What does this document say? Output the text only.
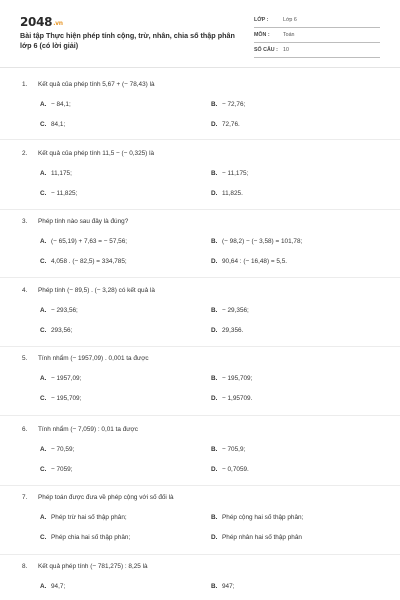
2048.vn
Bài tập Thực hiện phép tính cộng, trừ, nhân, chia số thập phân lớp 6 (có lời giải)
LỚP :	Lớp 6
MÔN :	Toán
SỐ CÂU : 10
1. Kết quả của phép tính 5,67 + (− 78,43) là
A. − 84,1;	B. − 72,76;
C. 84,1;	D. 72,76.
2. Kết quả của phép tính 11,5 − (− 0,325) là
A. 11,175;	B. − 11,175;
C. − 11,825;	D. 11,825.
3. Phép tính nào sau đây là đúng?
A. (− 65,19) + 7,63 = − 57,56;	B. (− 98,2) − (− 3,58) = 101,78;
C. 4,058 . (− 82,5) = 334,785;	D. 90,64 : (− 16,48) = 5,5.
4. Phép tính (− 89,5) . (− 3,28) có kết quả là
A. − 293,56;	B. − 29,356;
C. 293,56;	D. 29,356.
5. Tính nhẩm (− 1957,09) . 0,001 ta được
A. − 1957,09;	B. − 195,709;
C. − 195,709;	D. − 1,95709.
6. Tính nhẩm (− 7,059) : 0,01 ta được
A. − 70,59;	B. − 705,9;
C. − 7059;	D. − 0,7059.
7. Phép toán được đưa về phép cộng với số đối là
A. Phép trừ hai số thập phân;	B. Phép cộng hai số thập phân;
C. Phép chia hai số thập phân;	D. Phép nhân hai số thập phân
8. Kết quả phép tính (− 781,275) : 8,25 là
A. 94,7;	B. 947;
